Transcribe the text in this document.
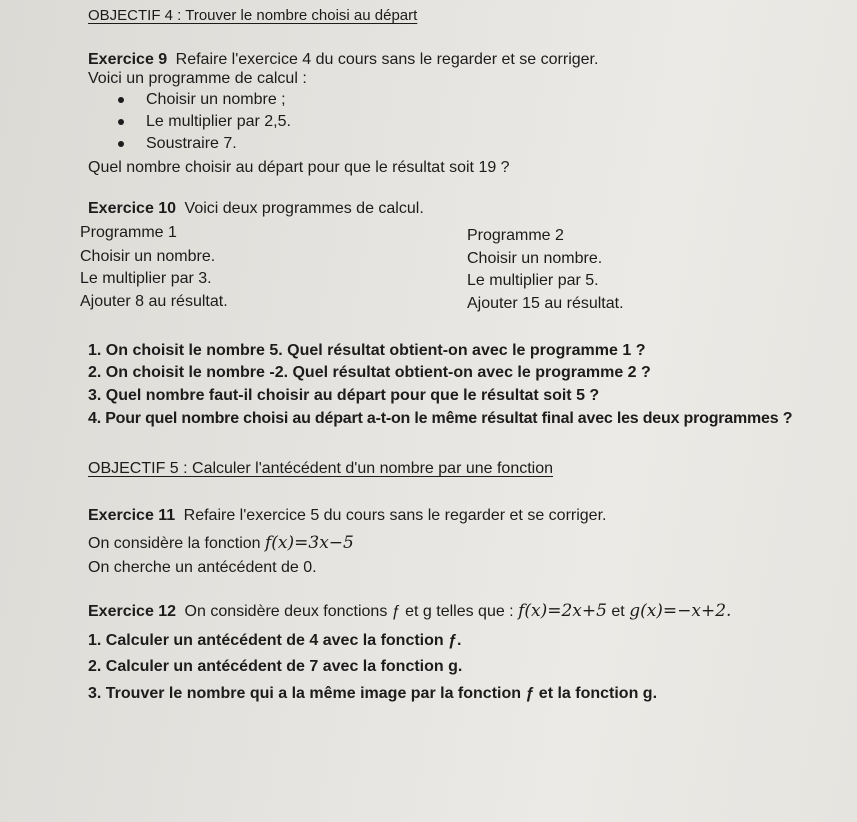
OBJECTIF 4 : Trouver le nombre choisi au départ
Exercice 9 Refaire l'exercice 4 du cours sans le regarder et se corriger.
Voici un programme de calcul :
Choisir un nombre ;
Le multiplier par 2,5.
Soustraire 7.
Quel nombre choisir au départ pour que le résultat soit 19 ?
Exercice 10 Voici deux programmes de calcul.
Programme 1
Choisir un nombre.
Le multiplier par 3.
Ajouter 8 au résultat.
Programme 2
Choisir un nombre.
Le multiplier par 5.
Ajouter 15 au résultat.
1. On choisit le nombre 5. Quel résultat obtient-on avec le programme 1 ?
2. On choisit le nombre -2. Quel résultat obtient-on avec le programme 2 ?
3. Quel nombre faut-il choisir au départ pour que le résultat soit 5 ?
4. Pour quel nombre choisi au départ a-t-on le même résultat final avec les deux programmes ?
OBJECTIF 5 : Calculer l'antécédent d'un nombre par une fonction
Exercice 11 Refaire l'exercice 5 du cours sans le regarder et se corriger.
On considère la fonction f(x)=3x−5
On cherche un antécédent de 0.
Exercice 12 On considère deux fonctions ƒ et g telles que : f(x)=2x+5 et g(x)=−x+2.
1. Calculer un antécédent de 4 avec la fonction ƒ.
2. Calculer un antécédent de 7 avec la fonction g.
3. Trouver le nombre qui a la même image par la fonction ƒ et la fonction g.
